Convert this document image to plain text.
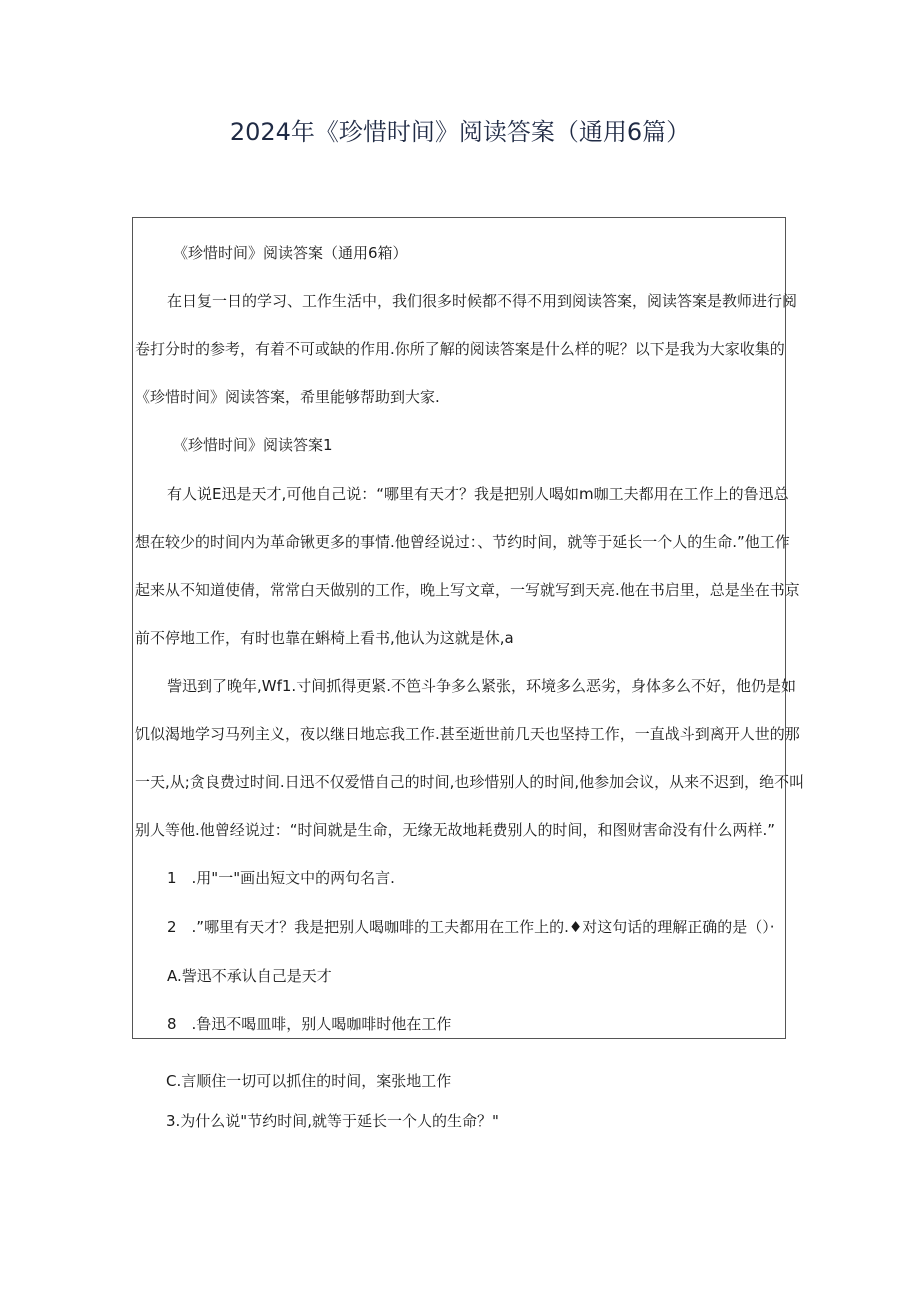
2024年《珍惜时间》阅读答案（通用6篇）
《珍惜时间》阅读答案（通用6箱）
在日复一日的学习、工作生活中，我们很多时候都不得不用到阅读答案，阅读答案是教师进行阅
卷打分时的参考，有着不可或缺的作用.你所了解的阅读答案是什么样的呢？以下是我为大家收集的
《珍惜时间》阅读答案，希里能够帮助到大家.
《珍惜时间》阅读答案1
有人说E迅是天才,可他自己说：“哪里有天才？我是把别人喝如m咖工夫都用在工作上的鲁迅总
想在较少的时间内为革命锹更多的事情.他曾经说过：、节约时间，就等于延长一个人的生命.”他工作
起来从不知道使倩，常常白天做别的工作，晚上写文章，一写就写到天亮.他在书启里，总是坐在书京
前不停地工作，有时也靠在蝌椅上看书,他认为这就是休,a
訾迅到了晚年,Wf1.寸间抓得更紧.不笆斗争多么紧张，环境多么恶劣，身体多么不好，他仍是如
饥似渴地学习马列主义，夜以继日地忘我工作.甚至逝世前几天也坚持工作，一直战斗到离开人世的那
一天,从;贪良费过时间.日迅不仅爱惜自己的时间,也珍惜别人的时间,他参加会议，从来不迟到，绝不叫
别人等他.他曾经说过：“时间就是生命，无缘无故地耗费别人的时间，和图财害命没有什么两样.”
1　.用"一"画出短文中的两句名言.
2　.”哪里有天才？我是把别人喝咖啡的工夫都用在工作上的.♦对这句话的理解正确的是（）·
A.訾迅不承认自己是天才
8　.鲁迅不喝皿啡，别人喝咖啡时他在工作
C.言顺住一切可以抓住的时间，案张地工作
3.为什么说"节约时间,就等于延长一个人的生命？"
